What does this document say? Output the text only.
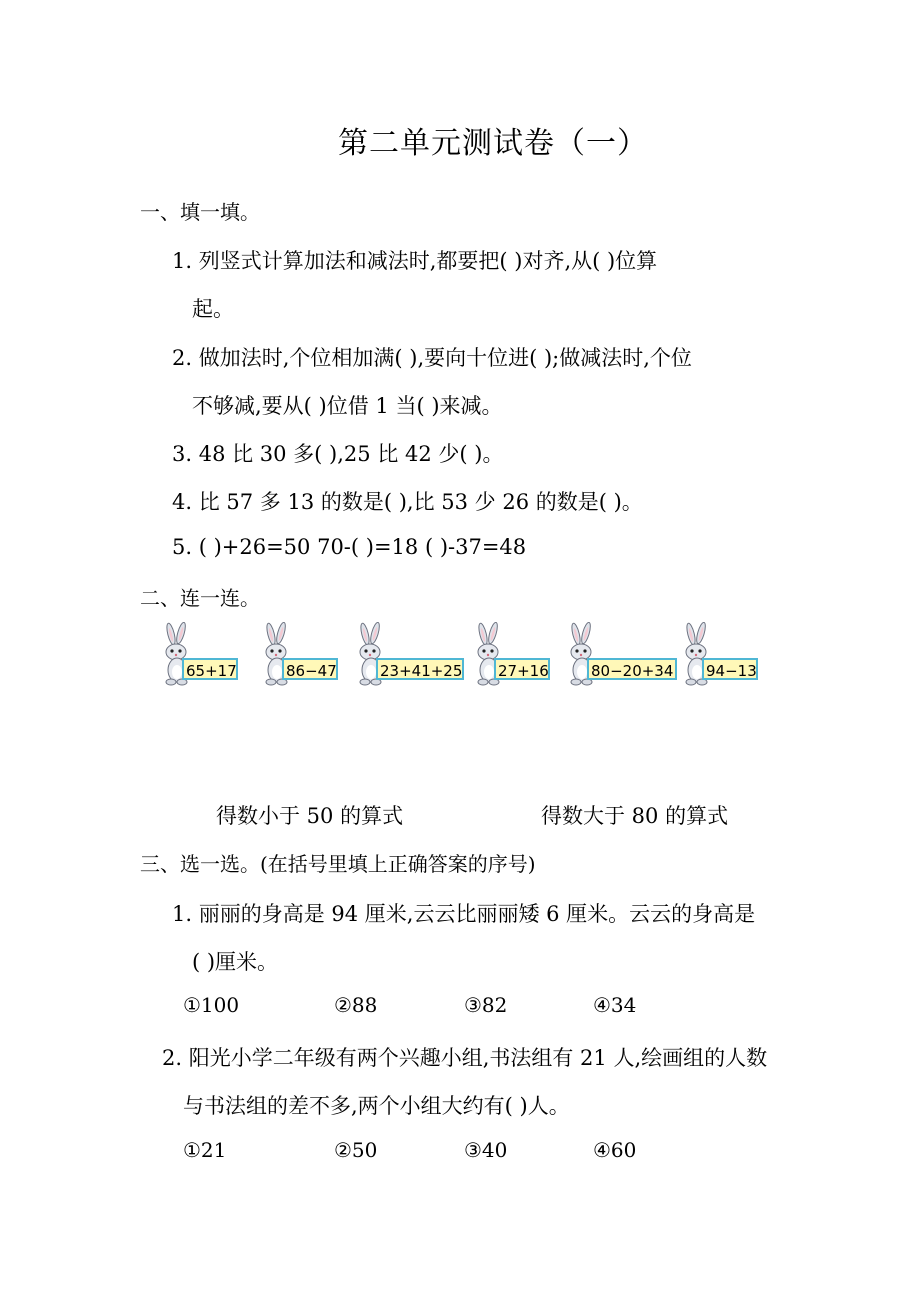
第二单元测试卷（一）
一、填一填。
1. 列竖式计算加法和减法时,都要把( )对齐,从( )位算
起。
2. 做加法时,个位相加满( ),要向十位进( );做减法时,个位
不够减,要从( )位借 1 当( )来减。
3. 48 比 30 多( ),25 比 42 少( )。
4. 比 57 多 13 的数是( ),比 53 少 26 的数是( )。
5. ( )+26=50 70-( )=18 ( )-37=48
二、连一连。
65+17	86−47	23+41+25 27+16	80−20+34 94−13
得数小于 50 的算式	得数大于 80 的算式
三、选一选。(在括号里填上正确答案的序号)
1. 丽丽的身高是 94 厘米,云云比丽丽矮 6 厘米。云云的身高是
( )厘米。
①100	②88	③82	④34
2. 阳光小学二年级有两个兴趣小组,书法组有 21 人,绘画组的人数
与书法组的差不多,两个小组大约有( )人。
①21	②50	③40	④60
